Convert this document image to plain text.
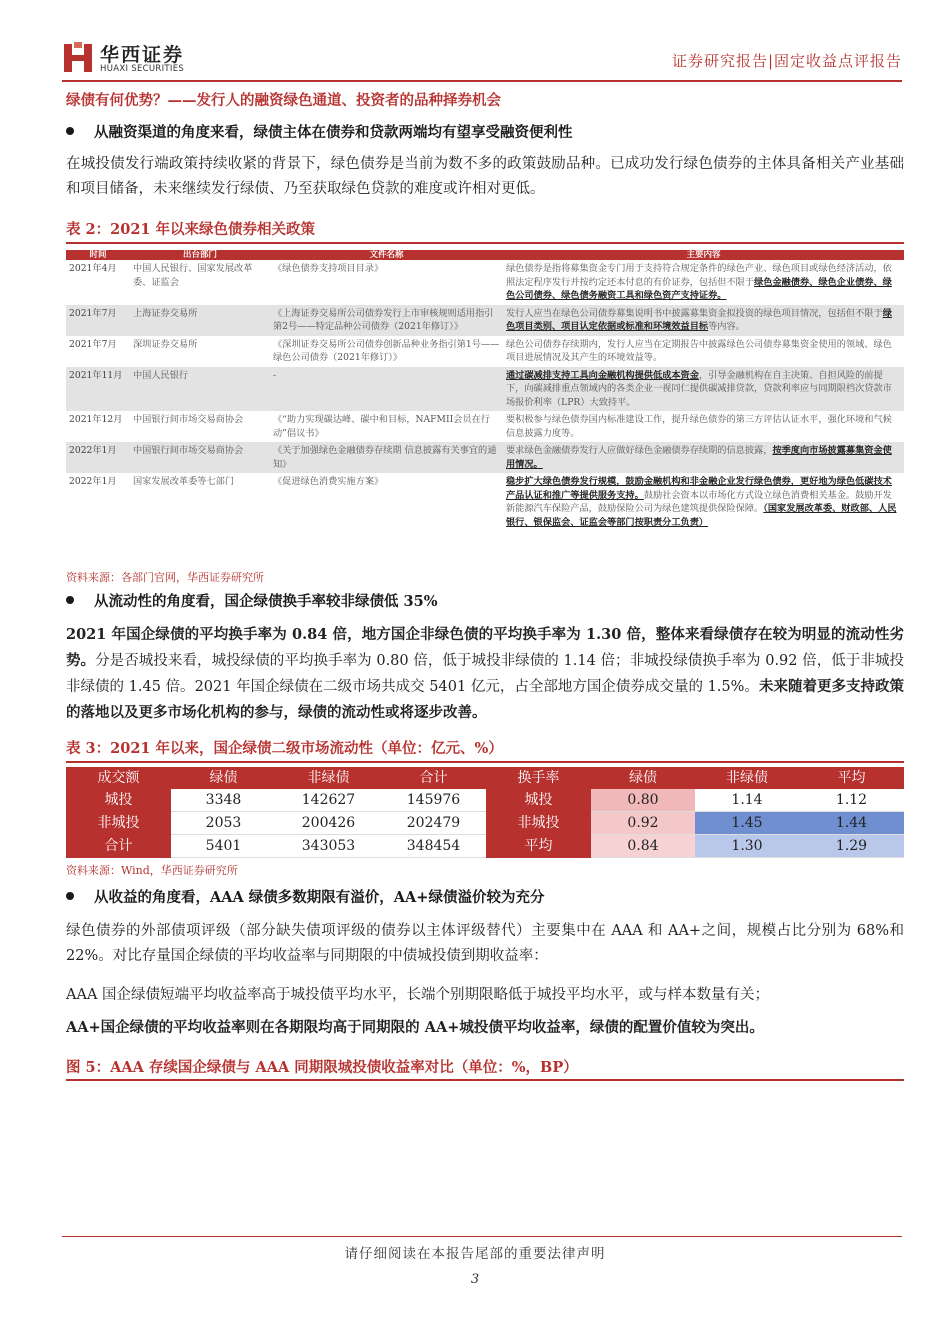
华西证券
HUAXI SECURITIES	证券研究报告|固定收益点评报告
绿债有何优势？——发行人的融资绿色通道、投资者的品种择券机会
从融资渠道的角度来看，绿债主体在债券和贷款两端均有望享受融资便利性
在城投债发行端政策持续收紧的背景下，绿色债券是当前为数不多的政策鼓励品种。已成功发行绿色债券的主体具备相关产业基础和项目储备，未来继续发行绿债、乃至获取绿色贷款的难度或许相对更低。
表 2：2021 年以来绿色债券相关政策
时间	出台部门	文件名称	主要内容
2021年4月	中国人民银行、国家发展改革委、证监会	《绿色债券支持项目目录》	绿色债券是指将募集资金专门用于支持符合规定条件的绿色产业、绿色项目或绿色经济活动，依照法定程序发行并按约定还本付息的有价证券，包括但不限于绿色金融债券、绿色企业债券、绿色公司债券、绿色债务融资工具和绿色资产支持证券。
2021年7月	上海证券交易所	《上海证券交易所公司债券发行上市审核规则适用指引第2号——特定品种公司债券（2021年修订）》	发行人应当在绿色公司债券募集说明书中披露募集资金拟投资的绿色项目情况，包括但不限于绿色项目类别、项目认定依据或标准和环境效益目标等内容。
2021年7月	深圳证券交易所	《深圳证券交易所公司债券创新品种业务指引第1号——绿色公司债券（2021年修订）》	绿色公司债券存续期内，发行人应当在定期报告中披露绿色公司债券募集资金使用的领域、绿色项目进展情况及其产生的环境效益等。
2021年11月	中国人民银行	-	通过碳减排支持工具向金融机构提供低成本资金，引导金融机构在自主决策、自担风险的前提下，向碳减排重点领域内的各类企业一视同仁提供碳减排贷款，贷款利率应与同期限档次贷款市场报价利率（LPR）大致持平。
2021年12月	中国银行间市场交易商协会	《“助力实现碳达峰、碳中和目标，NAFMII会员在行动”倡议书》	要积极参与绿色债券国内标准建设工作，提升绿色债券的第三方评估认证水平，强化环境和气候信息披露力度等。
2022年1月	中国银行间市场交易商协会	《关于加强绿色金融债券存续期 信息披露有关事宜的通知》	要求绿色金融债券发行人应做好绿色金融债券存续期的信息披露，按季度向市场披露募集资金使用情况。
2022年1月	国家发展改革委等七部门	《促进绿色消费实施方案》	稳步扩大绿色债券发行规模，鼓励金融机构和非金融企业发行绿色债券，更好地为绿色低碳技术产品认证和推广等提供服务支持。鼓励社会资本以市场化方式设立绿色消费相关基金。鼓励开发新能源汽车保险产品，鼓励保险公司为绿色建筑提供保险保障。（国家发展改革委、财政部、人民银行、银保监会、证监会等部门按职责分工负责）
资料来源：各部门官网，华西证券研究所
从流动性的角度看，国企绿债换手率较非绿债低 35%
2021 年国企绿债的平均换手率为 0.84 倍，地方国企非绿色债的平均换手率为 1.30 倍，整体来看绿债存在较为明显的流动性劣势。分是否城投来看，城投绿债的平均换手率为 0.80 倍，低于城投非绿债的 1.14 倍；非城投绿债换手率为 0.92 倍，低于非城投非绿债的 1.45 倍。2021 年国企绿债在二级市场共成交 5401 亿元，占全部地方国企债券成交量的 1.5%。未来随着更多支持政策的落地以及更多市场化机构的参与，绿债的流动性或将逐步改善。
表 3：2021 年以来，国企绿债二级市场流动性（单位：亿元、%）
成交额	绿债	非绿债	合计	换手率	绿债	非绿债	平均
城投	3348	142627	145976	城投	0.80	1.14	1.12
非城投	2053	200426	202479	非城投	0.92	1.45	1.44
合计	5401	343053	348454	平均	0.84	1.30	1.29
资料来源：Wind，华西证券研究所
从收益的角度看，AAA 绿债多数期限有溢价，AA+绿债溢价较为充分
绿色债券的外部债项评级（部分缺失债项评级的债券以主体评级替代）主要集中在 AAA 和 AA+之间，规模占比分别为 68%和 22%。对比存量国企绿债的平均收益率与同期限的中债城投债到期收益率：
AAA 国企绿债短端平均收益率高于城投债平均水平，长端个别期限略低于城投平均水平，或与样本数量有关；
AA+国企绿债的平均收益率则在各期限均高于同期限的 AA+城投债平均收益率，绿债的配置价值较为突出。
图 5：AAA 存续国企绿债与 AAA 同期限城投债收益率对比（单位：%，BP）
请仔细阅读在本报告尾部的重要法律声明
3
